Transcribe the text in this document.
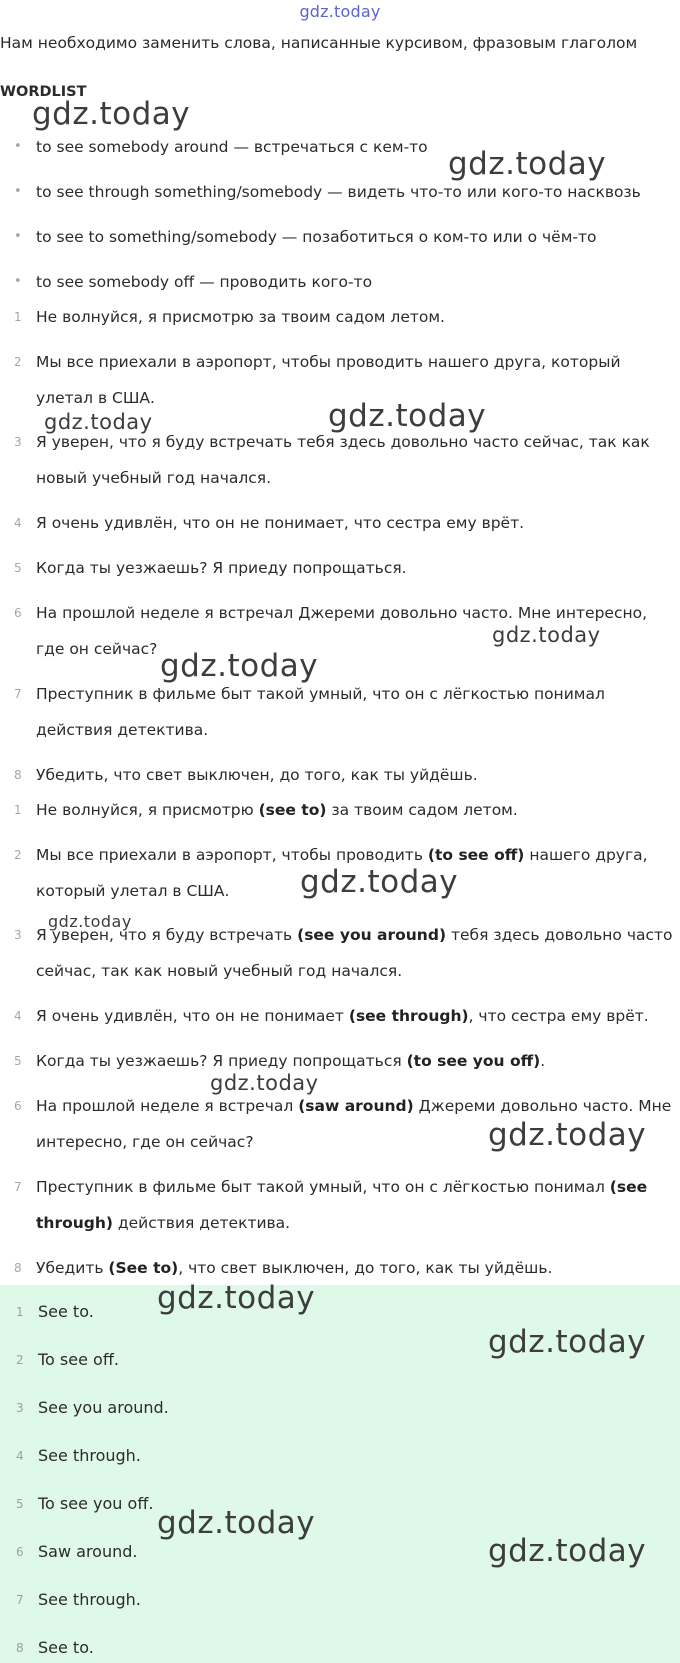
gdz.today
Нам необходимо заменить слова, написанные курсивом, фразовым глаголом
WORDLIST
• to see somebody around — встречаться с кем-то
• to see through something/somebody — видеть что-то или кого-то насквозь
• to see to something/somebody — позаботиться о ком-то или о чём-то
• to see somebody off — проводить кого-то
1 Не волнуйся, я присмотрю за твоим садом летом.
2 Мы все приехали в аэропорт, чтобы проводить нашего друга, который
улетал в США.
3 Я уверен, что я буду встречать тебя здесь довольно часто сейчас, так как
новый учебный год начался.
4 Я очень удивлён, что он не понимает, что сестра ему врёт.
5 Когда ты уезжаешь? Я приеду попрощаться.
6 На прошлой неделе я встречал Джереми довольно часто. Мне интересно,
где он сейчас?
7 Преступник в фильме быт такой умный, что он с лёгкостью понимал
действия детектива.
8 Убедить, что свет выключен, до того, как ты уйдёшь.
1 Не волнуйся, я присмотрю (see to) за твоим садом летом.
2 Мы все приехали в аэропорт, чтобы проводить (to see off) нашего друга,
который улетал в США.
3 Я уверен, что я буду встречать (see you around) тебя здесь довольно часто
сейчас, так как новый учебный год начался.
4 Я очень удивлён, что он не понимает (see through), что сестра ему врёт.
5 Когда ты уезжаешь? Я приеду попрощаться (to see you off).
6 На прошлой неделе я встречал (saw around) Джереми довольно часто. Мне
интересно, где он сейчас?
7 Преступник в фильме быт такой умный, что он с лёгкостью понимал (see
through) действия детектива.
8 Убедить (See to), что свет выключен, до того, как ты уйдёшь.
1 See to.
2 To see off.
3 See you around.
4 See through.
5 To see you off.
6 Saw around.
7 See through.
8 See to.
gdz.today
gdz.today
gdz.today	gdz.today
gdz.today
gdz.today
gdz.today
gdz.today
gdz.today
gdz.today
gdz.today
gdz.today
gdz.today
gdz.today
